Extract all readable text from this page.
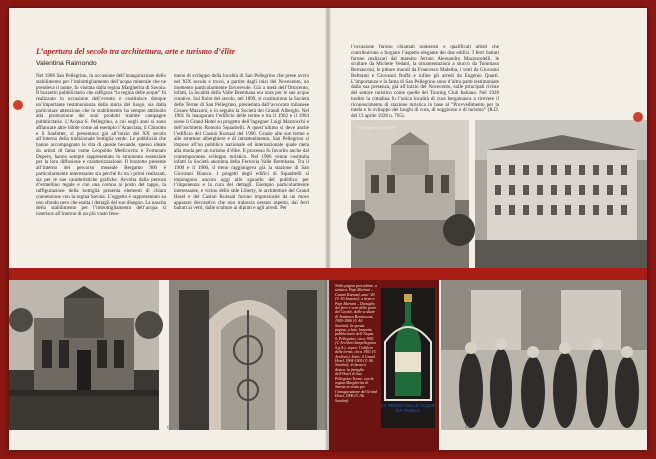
L’apertura del secolo tra architettura, arte e turismo d’élite
Valentina Raimondo
Nel 1906 San Pellegrino, in occasione dell’inaugurazione dello stabilimento per l’imbottigliamento dell’acqua minerale che ne prendeva il nome, fu visitata dalla regina Margherita di Savoia. Il bozzetto pubblicitario che raffigura “la regina delle acque” fu realizzato in occasione dell’evento e costituisce dunque un’importante testimonianza della storia del luogo, sia dalla particolare attenzione che lo stabilimento ha sempre attribuito alla promozione dei suoi prodotti tramite campagne pubblicitarie. L’Acqua S. Pellegrino, a cui negli anni si sono affiancate altre bibite come ad esempio l’Aranciata, il Chinotto e il Sanbitter, si presentava già all’inizio del XX secolo all’interno della tradizionale bottiglia verde. Le pubblicità che hanno accompagnato la vita di queste bevande, spesso ideate da artisti di fama come Leopoldo Metlicovitz e Fortunato Depero, hanno sempre rappresentato lo strumento essenziale per la loro diffusione e caratterizzazione. Il bozzetto presente all’interno del percorso museale Bergamo 900 è particolarmente interessante sia perché fu tra i primi realizzati, sia per le sue caratteristiche grafiche. Avvolta dalla petrosa d’ermellino regale e con una corona ai posto del tappo, la raffigurazione della bottiglia presenta elementi di chiara connessione con la regina Savoia. L’oggetto è rappresentato su uno sfondo nero che esalta i dettagli del suo disegno. La nascita dello stabilimento per l’imbottigliamento dell’acqua si inserisce all’interno di un più vasto feno-
meno di sviluppo della località di San Pellegrino che prese avvio nel XIX secolo e trovò, a partire dagli inizi del Novecento, un momento particolarmente favorevole. Già a metà dell’Ottocento, infatti, la località della Valle Brembana era nota per le sue acque curative. Sul finire del secolo, nel 1899, si costituirono la Società delle Terme di San Pellegrino, presieduta dall’avvocato milanese Cesare Mazzoni, e in seguito la Società dei Grandi Alberghi. Nel 1901 fu inaugurato l’edificio delle terme e tra il 1902 e il 1904 sorse il Grand Hotel su progetto dell’ingegner Luigi Mazzocchi e dell’architetto Romolo Squadrelli. A quest’ultimo si deve anche l’edificio del Casinò Kursaal del 1906. Grazie alle sue terme e alle strutture alberghiere e di intrattenimento, San Pellegrino si impose all’un pubblico nazionale ed internazionale quale meta alla moda per un turismo d’élite. Il processo fu favorito anche dal contemporaneo sviluppo turistico. Nel 1906 venne costituita infatti la Società anonima della Ferrovia Valle Brembana. Tra il 1900 e il 1906, il treno raggiungeva già la stazione di San Giovanni Bianco. I progetti degli edifici di Squadrelli si impongono ancora oggi allo sguardo del pubblico per l’imponenza e la cura dei dettagli. Esempio particolarmente interessante, e vicino dello stile Liberty, le architetture del Grand Hotel e del Casinò Kursaal furono impreziosite da un moro apparato decorativo che non tralascia nessun aspetto, dai ferri battuti ai vetri, dalle sculture ai dipinti e agli arredi. Per
62
l’occasione furono chiamati numerosi e qualificati artisti che contribuirono a forgiare l’aspetto elegante dei due edifici. I ferri battuti furono realizzati dal maestro ferraio Alessandro Mazzucotelli, le sculture da Michele Vedani, la ornamentazioni a stucco da Tommaso Bernasconi, le pitture murali da Francesco Malerba, i vetri da Giovanni Beltrami e Giovanni Buffa e infine gli arredi da Eugenio Quarti. L’importanza e la fama di San Pellegrino sono d’altra parte testimoniate dalla sua presenza, già all’inizio del Novecento, sulle principali riviste del settore turistico come quelle del Touring Club Italiano. Nel 1928 inoltre la cittadina fu l’unica località di cura bergamasca a ricevere il riconoscimento di stazione turistica in base al “Provvedimento per la tutela e lo sviluppo dei luoghi di cura, di soggiorno e di turismo” (R.D. del 13 aprile 1928 n. 765).
S. Pellegrino – Le Terme
Nella pagina precedente, a sinistra: Papi Mariani – Casinò Kursaal, anni ’40 (© Ali Seattini); a destra: Papi Mariani – Dettaglio dei ferri e vetri delle porte del Casinò, dalle sculture di Tommaso Bernasconi, 1905-1906 (© Ali Seattini). In questa pagina, a lato: bozzetto pubblicitario dell’Acqua S. Pellegrino, circa 1901 (© Archivio Sanpellegrino S.p.A.); sopra: l’edificio delle terme, circa 1901 (© Archivio). Sotto: il Grand Hotel, 1904-1905 (© Ali Seattini); in basso a destra: la famiglia dell’Hotel di San Pellegrino Terme, con la regina Margherita di Savoia in visita per l’inaugurazione del Grand Hotel, 1906 (© Ali Seattini).
LA REGINA DELLE ACQUE DA TAVOLA
63
